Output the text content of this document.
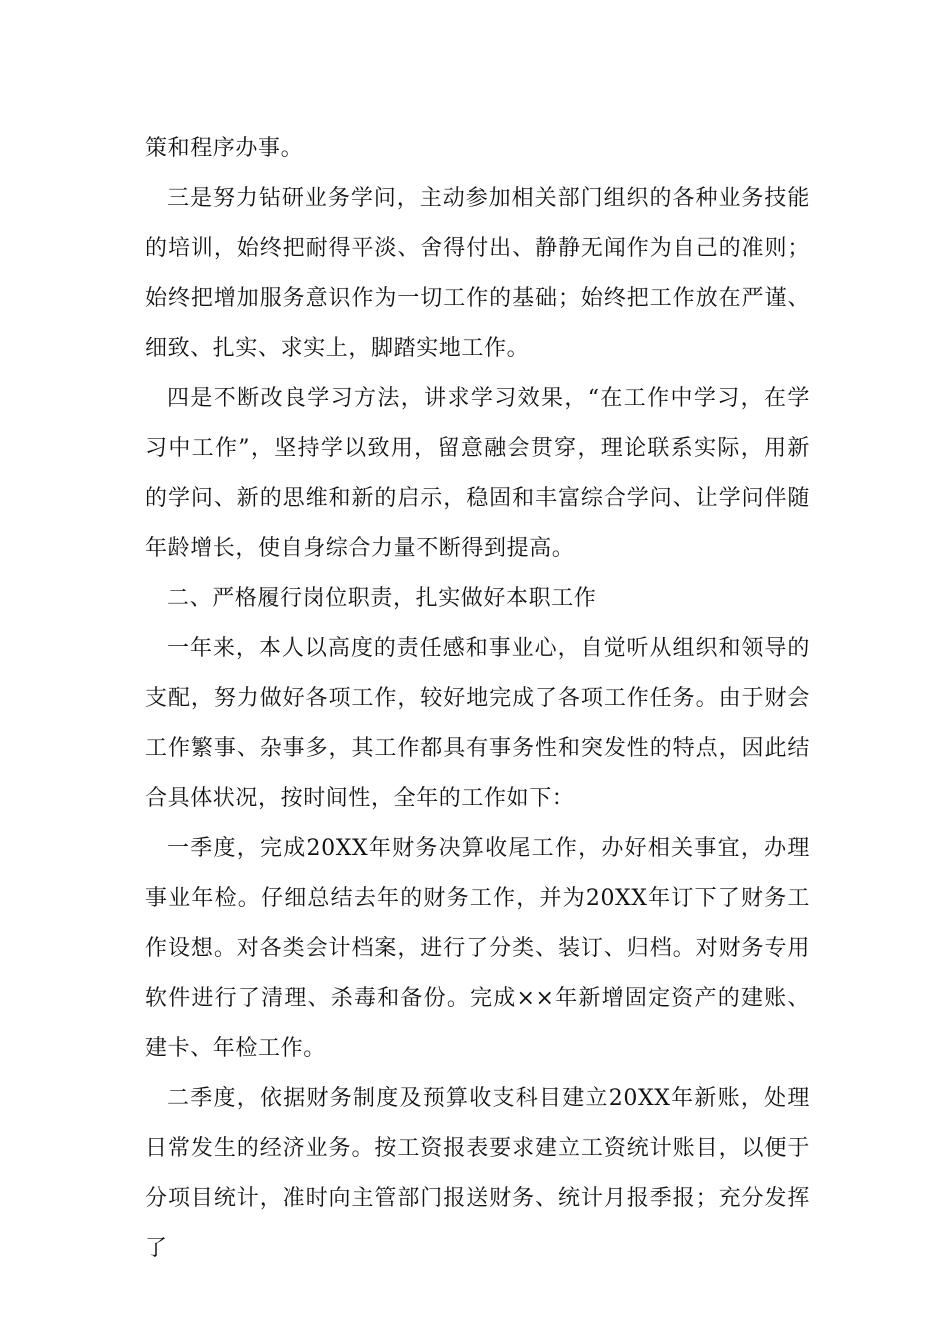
策和程序办事。

三是努力钻研业务学问，主动参加相关部门组织的各种业务技能的培训，始终把耐得平淡、舍得付出、静静无闻作为自己的准则；始终把增加服务意识作为一切工作的基础；始终把工作放在严谨、细致、扎实、求实上，脚踏实地工作。

四是不断改良学习方法，讲求学习效果，“在工作中学习，在学习中工作”，坚持学以致用，留意融会贯穿，理论联系实际，用新的学问、新的思维和新的启示，稳固和丰富综合学问、让学问伴随年龄增长，使自身综合力量不断得到提高。

二、严格履行岗位职责，扎实做好本职工作

一年来，本人以高度的责任感和事业心，自觉听从组织和领导的支配，努力做好各项工作，较好地完成了各项工作任务。由于财会工作繁事、杂事多，其工作都具有事务性和突发性的特点，因此结合具体状况，按时间性，全年的工作如下：

一季度，完成20XX年财务决算收尾工作，办好相关事宜，办理事业年检。仔细总结去年的财务工作，并为20XX年订下了财务工作设想。对各类会计档案，进行了分类、装订、归档。对财务专用软件进行了清理、杀毒和备份。完成××年新增固定资产的建账、建卡、年检工作。

二季度，依据财务制度及预算收支科目建立20XX年新账，处理日常发生的经济业务。按工资报表要求建立工资统计账目，以便于分项目统计，准时向主管部门报送财务、统计月报季报；充分发挥了
